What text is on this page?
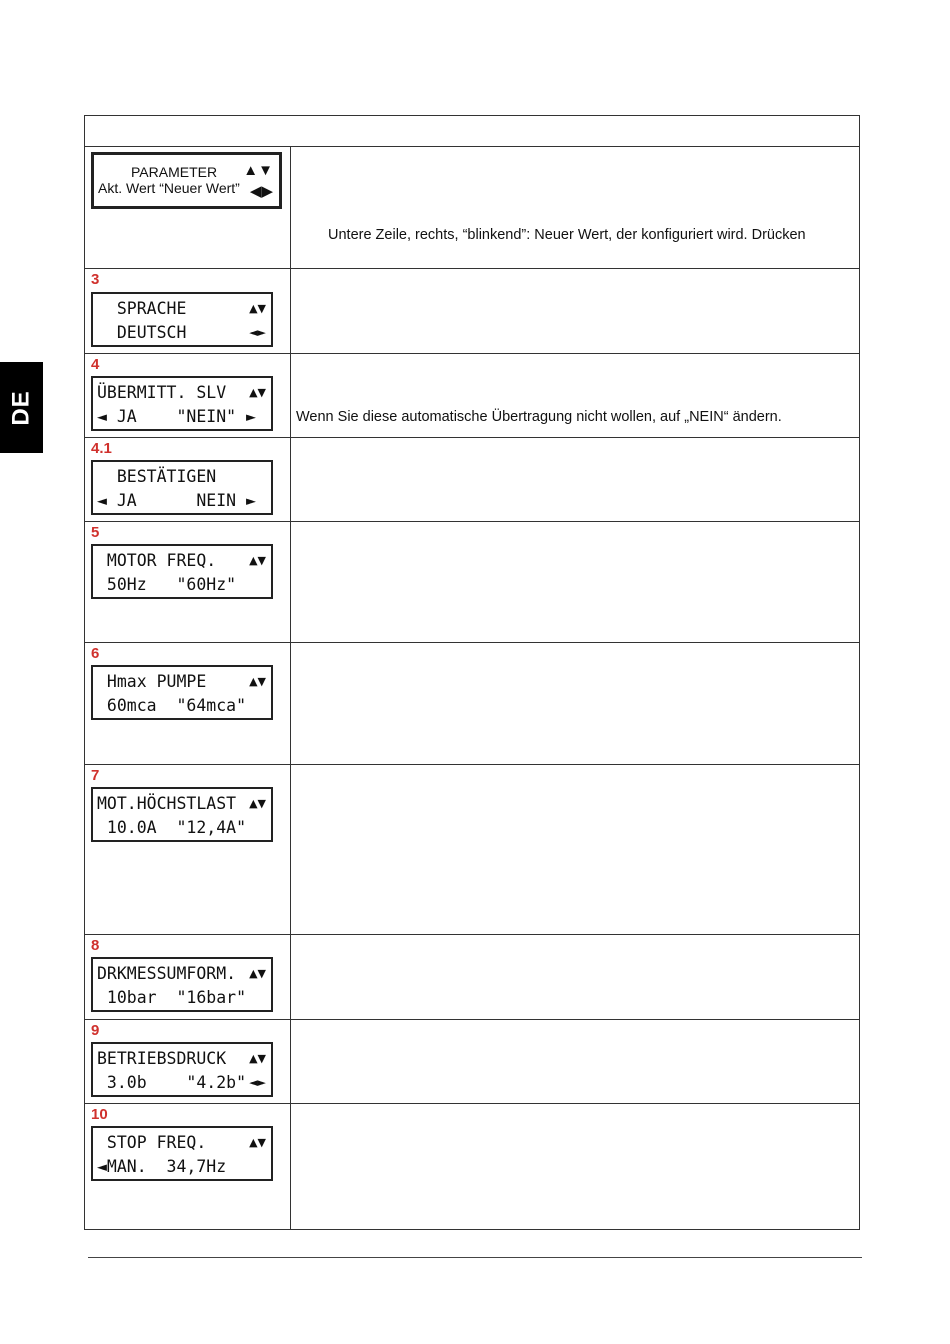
DE
PARAMETER
Akt. Wert “Neuer Wert”
▲▼
◀▶
Untere Zeile, rechts, “blinkend”: Neuer Wert, der konfiguriert wird. Drücken
3
SPRACHE
DEUTSCH
▲▼
◄►
4
ÜBERMITT. SLV
◄ JA    "NEIN" ►
▲▼
Wenn Sie diese automatische Übertragung nicht wollen, auf „NEIN“ ändern.
4.1
BESTÄTIGEN
◄ JA      NEIN ►
5
MOTOR FREQ.
50Hz   "60Hz"
▲▼
6
Hmax PUMPE
60mca  "64mca"
▲▼
7
MOT.HÖCHSTLAST
10.0A  "12,4A"
▲▼
8
DRKMESSUMFORM.
10bar  "16bar"
▲▼
9
BETRIEBSDRUCK
3.0b    "4.2b"
▲▼
◄►
10
STOP FREQ.
◄MAN.  34,7Hz
▲▼
